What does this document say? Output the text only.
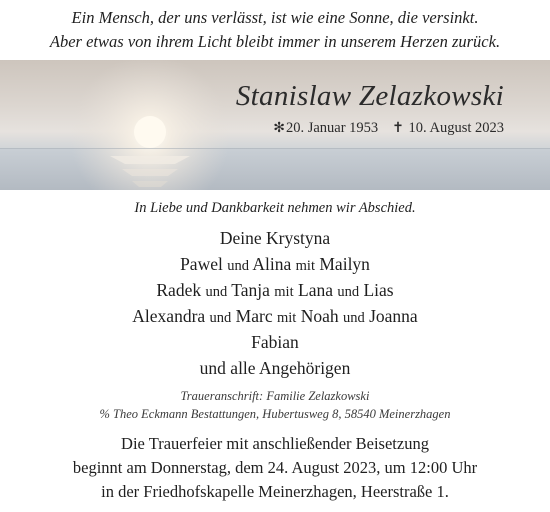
Ein Mensch, der uns verlässt, ist wie eine Sonne, die versinkt.
Aber etwas von ihrem Licht bleibt immer in unserem Herzen zurück.
Stanislaw Zelazkowski
✻20. Januar 1953 ✝ 10. August 2023
In Liebe und Dankbarkeit nehmen wir Abschied.
Deine Krystyna
Pawel und Alina mit Mailyn
Radek und Tanja mit Lana und Lias
Alexandra und Marc mit Noah und Joanna
Fabian
und alle Angehörigen
Traueranschrift: Familie Zelazkowski
% Theo Eckmann Bestattungen, Hubertusweg 8, 58540 Meinerzhagen
Die Trauerfeier mit anschließender Beisetzung
beginnt am Donnerstag, dem 24. August 2023, um 12:00 Uhr
in der Friedhofskapelle Meinerzhagen, Heerstraße 1.
